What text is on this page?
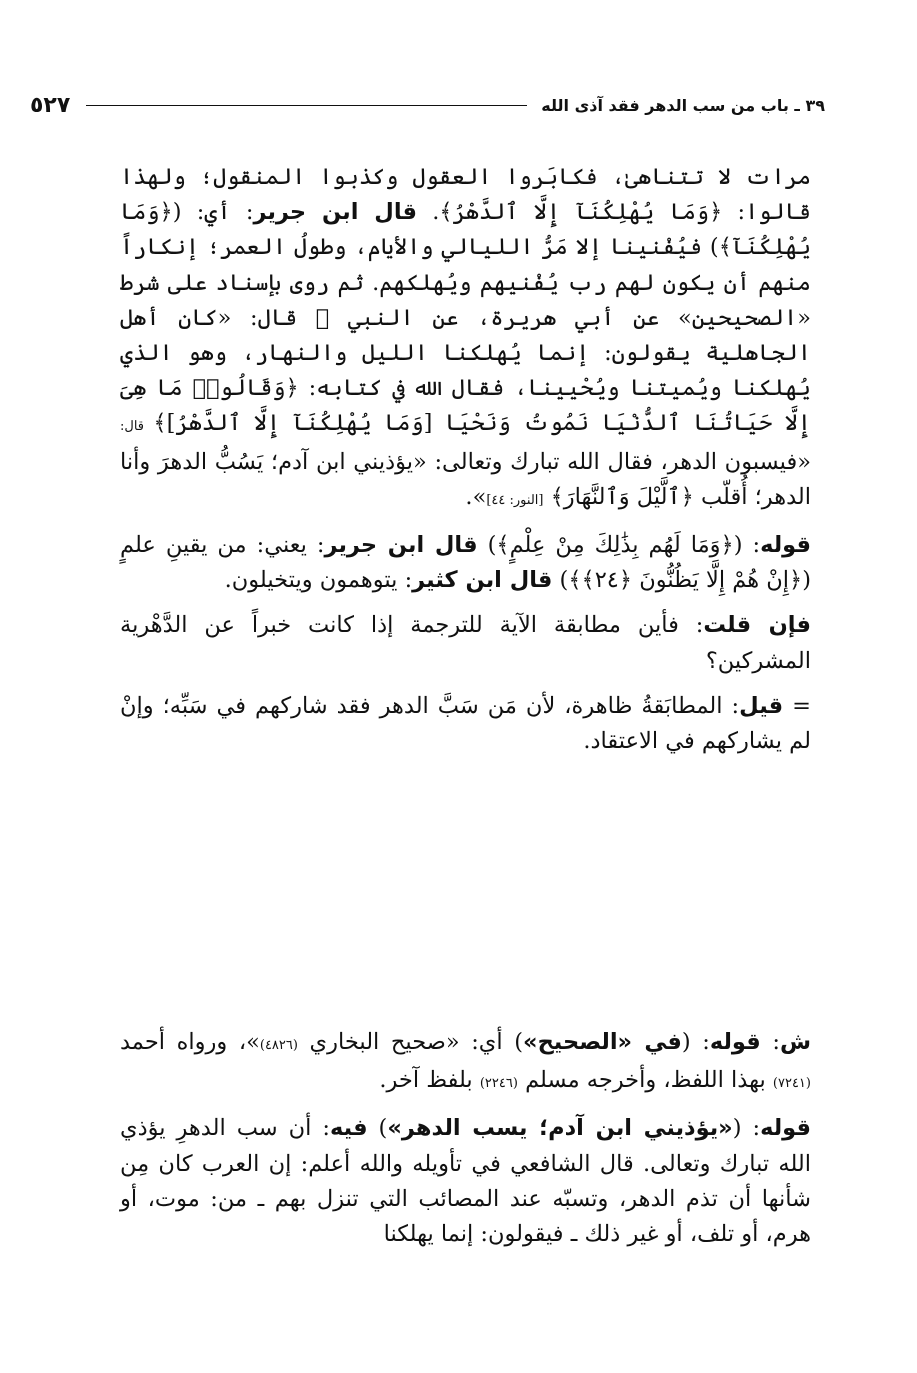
٣٩ ـ باب من سب الدهر فقد آذى الله
٥٢٧

مرات لا تتناهىٰ، فكابَروا العقول وكذبوا المنقول؛ ولهذا قالوا: ﴿وَمَا يُهْلِكُنَآ إِلَّا ٱلدَّهْرُ﴾. قال ابن جرير: أي: (﴿وَمَا يُهْلِكُنَآ﴾) فيُفْنينا إلا مَرُّ الليالي والأيام، وطولُ العمر؛ إنكاراً منهم أن يكون لهم رب يُفْنيهم ويُهلكهم. ثم روى بإسناد على شرط «الصحيحين» عن أبي هريرة، عن النبي ﷺ قال: «كان أهل الجاهلية يقولون: إنما يُهلكنا الليل والنهار، وهو الذي يُهلكنا ويُميتنا ويُحْيينا، فقال الله في كتابه: ﴿وَقَالُوا۟ مَا هِىَ إِلَّا حَيَاتُنَا ٱلدُّنْيَا نَمُوتُ وَنَحْيَا [وَمَا يُهْلِكُنَآ إِلَّا ٱلدَّهْرُ]﴾ قال: «فيسبون الدهر، فقال الله تبارك وتعالى: «يؤذيني ابن آدم؛ يَسُبُّ الدهرَ وأنا الدهر؛ أُقلّب ﴿ٱلَّيْلَ وَٱلنَّهَارَ﴾ [النور: ٤٤]».

قوله: (﴿وَمَا لَهُم بِذَٰلِكَ مِنْ عِلْمٍ﴾) قال ابن جرير: يعني: من يقينِ علمٍ (﴿إِنْ هُمْ إِلَّا يَظُنُّونَ ﴿٢٤﴾﴾) قال ابن كثير: يتوهمون ويتخيلون.

فإن قلت: فأين مطابقة الآية للترجمة إذا كانت خبراً عن الدَّهْرية المشركين؟

= قيل: المطابَقةُ ظاهرة، لأن مَن سَبَّ الدهر فقد شاركهم في سَبِّه؛ وإنْ لم يشاركهم في الاعتقاد.

ش: قوله: (في «الصحيح») أي: «صحيح البخاري (٤٨٢٦)»، ورواه أحمد (٧٢٤١) بهذا اللفظ، وأخرجه مسلم (٢٢٤٦) بلفظ آخر.

قوله: («يؤذيني ابن آدم؛ يسب الدهر») فيه: أن سب الدهرِ يؤذي الله تبارك وتعالى. قال الشافعي في تأويله والله أعلم: إن العرب كان مِن شأنها أن تذم الدهر، وتسبّه عند المصائب التي تنزل بهم ـ من: موت، أو هرم، أو تلف، أو غير ذلك ـ فيقولون: إنما يهلكنا
